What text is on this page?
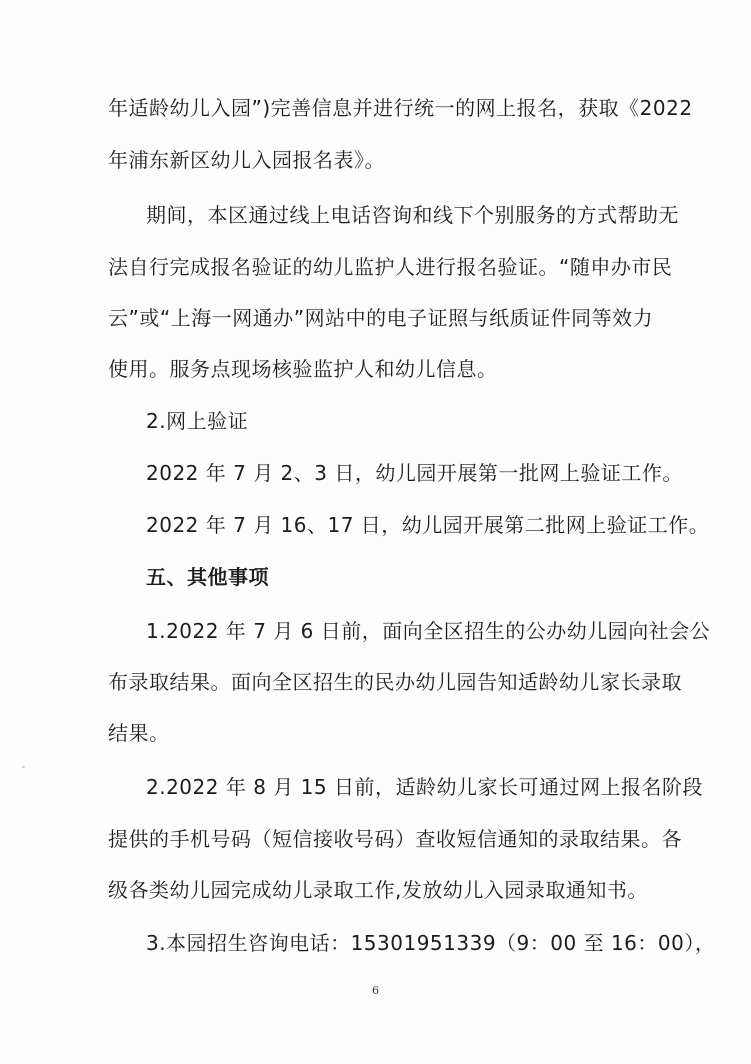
年适龄幼儿入园”)完善信息并进行统一的网上报名，获取《2022
年浦东新区幼儿入园报名表》。
期间，本区通过线上电话咨询和线下个别服务的方式帮助无
法自行完成报名验证的幼儿监护人进行报名验证。“随申办市民
云”或“上海一网通办”网站中的电子证照与纸质证件同等效力
使用。服务点现场核验监护人和幼儿信息。
2.网上验证
2022 年 7 月 2、3 日，幼儿园开展第一批网上验证工作。
2022 年 7 月 16、17 日，幼儿园开展第二批网上验证工作。
五、其他事项
1.2022 年 7 月 6 日前，面向全区招生的公办幼儿园向社会公
布录取结果。面向全区招生的民办幼儿园告知适龄幼儿家长录取
结果。
2.2022 年 8 月 15 日前，适龄幼儿家长可通过网上报名阶段
提供的手机号码（短信接收号码）查收短信通知的录取结果。各
级各类幼儿园完成幼儿录取工作,发放幼儿入园录取通知书。
3.本园招生咨询电话：15301951339（9：00 至 16：00），
6
